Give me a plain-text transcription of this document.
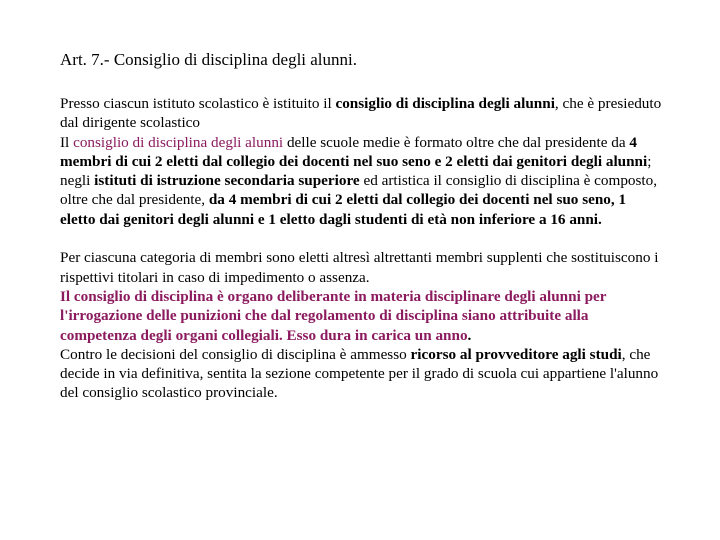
Art. 7.- Consiglio di disciplina degli alunni.

Presso ciascun istituto scolastico è istituito il consiglio di disciplina degli alunni, che è presieduto dal dirigente scolastico

Il consiglio di disciplina degli alunni delle scuole medie è formato oltre che dal presidente da 4 membri di cui 2 eletti dal collegio dei docenti nel suo seno e 2 eletti dai genitori degli alunni; negli istituti di istruzione secondaria superiore ed artistica il consiglio di disciplina è composto, oltre che dal presidente, da 4 membri di cui 2 eletti dal collegio dei docenti nel suo seno, 1 eletto dai genitori degli alunni e 1 eletto dagli studenti di età non inferiore a 16 anni.

Per ciascuna categoria di membri sono eletti altresì altrettanti membri supplenti che sostituiscono i rispettivi titolari in caso di impedimento o assenza.

Il consiglio di disciplina è organo deliberante in materia disciplinare degli alunni per l'irrogazione delle punizioni che dal regolamento di disciplina siano attribuite alla competenza degli organi collegiali. Esso dura in carica un anno.

Contro le decisioni del consiglio di disciplina è ammesso ricorso al provveditore agli studi, che decide in via definitiva, sentita la sezione competente per il grado di scuola cui appartiene l'alunno del consiglio scolastico provinciale.
